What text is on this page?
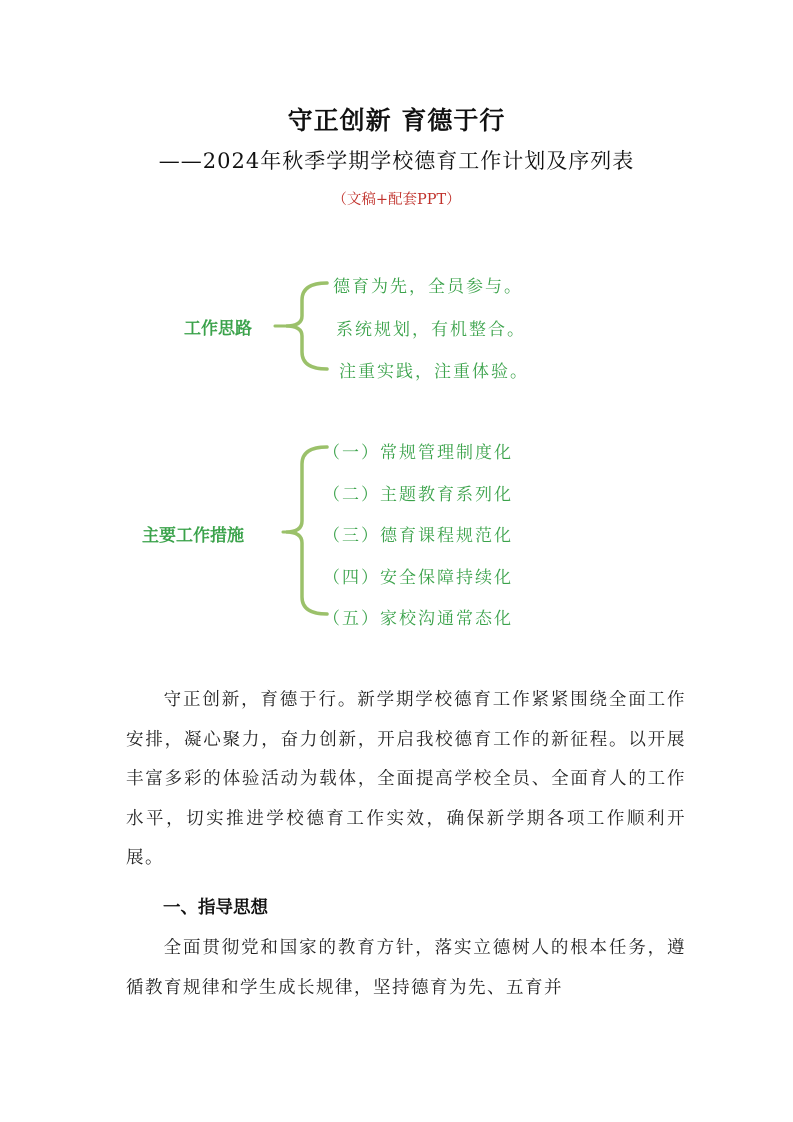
守正创新 育德于行
——2024年秋季学期学校德育工作计划及序列表
（文稿+配套PPT）
工作思路
德育为先，全员参与。
系统规划，有机整合。
注重实践，注重体验。
主要工作措施
（一）常规管理制度化
（二）主题教育系列化
（三）德育课程规范化
（四）安全保障持续化
（五）家校沟通常态化

守正创新，育德于行。新学期学校德育工作紧紧围绕全面工作安排，凝心聚力，奋力创新，开启我校德育工作的新征程。以开展丰富多彩的体验活动为载体，全面提高学校全员、全面育人的工作水平，切实推进学校德育工作实效，确保新学期各项工作顺利开展。

一、指导思想

全面贯彻党和国家的教育方针，落实立德树人的根本任务，遵循教育规律和学生成长规律，坚持德育为先、五育并
